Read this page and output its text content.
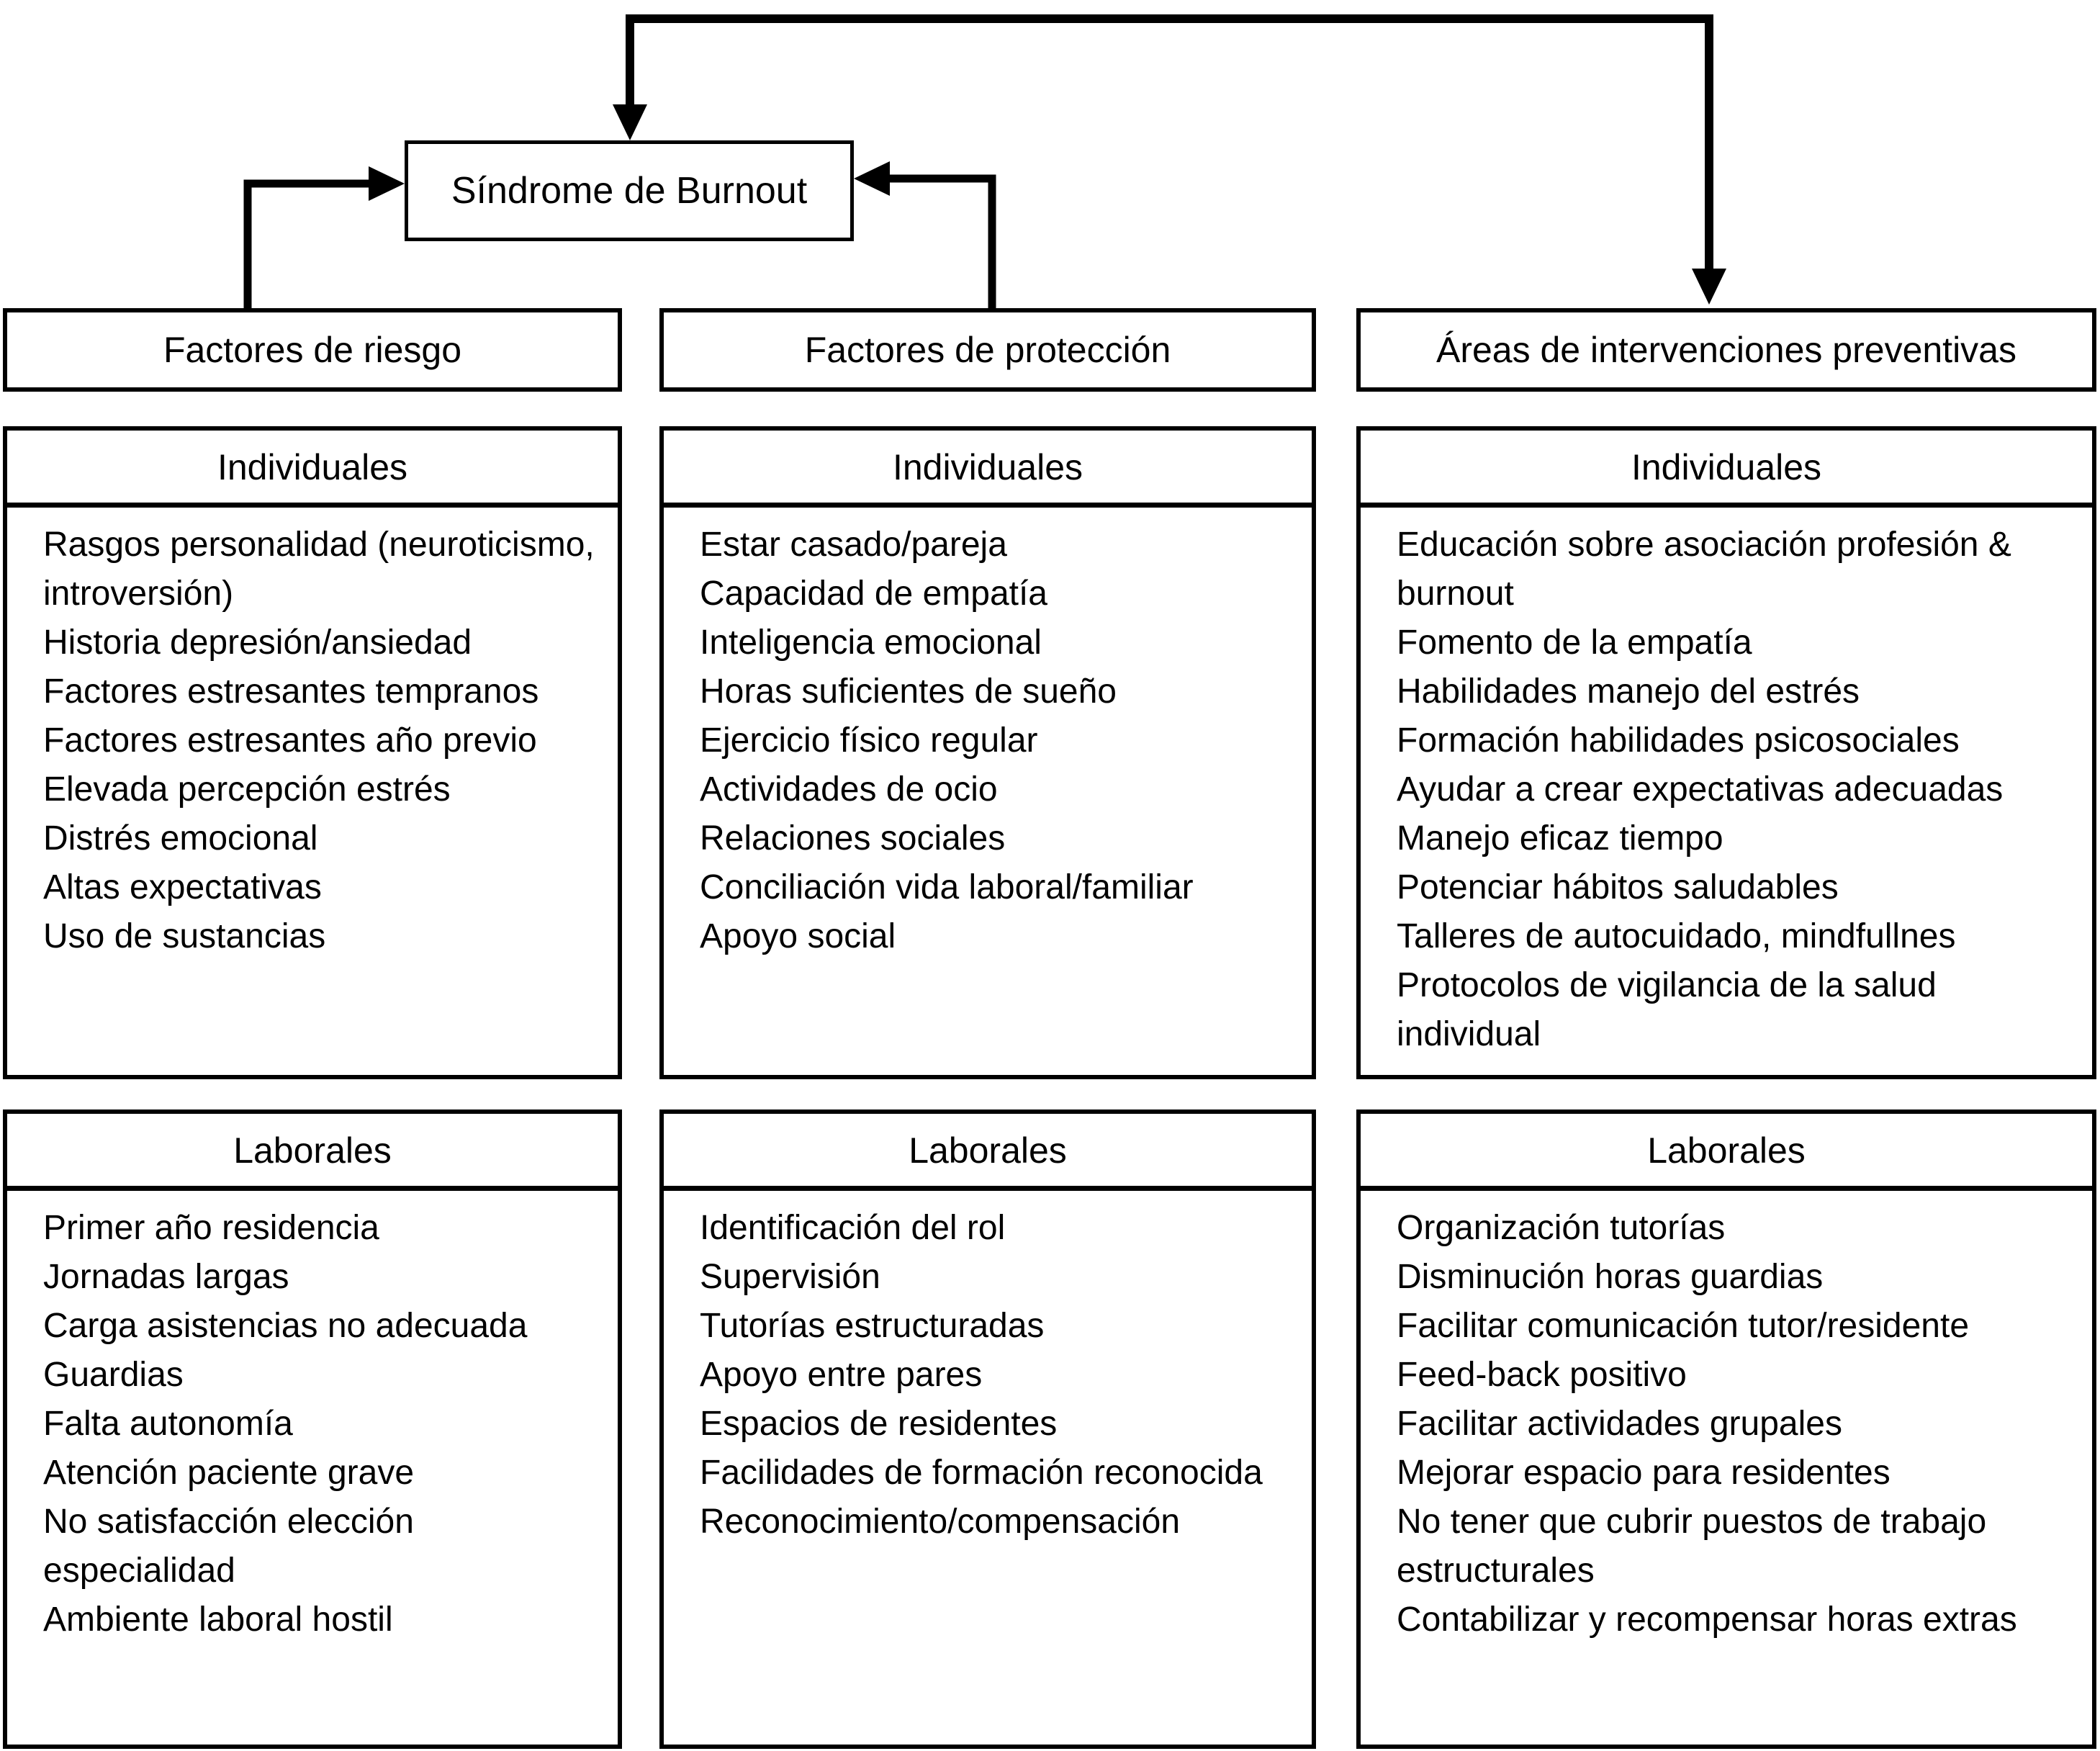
Síndrome de Burnout
Factores de riesgo	Factores de protección	Áreas de intervenciones preventivas
Individuales
Rasgos personalidad (neuroticismo, introversión)
Historia depresión/ansiedad
Factores estresantes tempranos
Factores estresantes año previo
Elevada percepción estrés
Distrés emocional
Altas expectativas
Uso de sustancias
Laborales
Primer año residencia
Jornadas largas
Carga asistencias no adecuada
Guardias
Falta autonomía
Atención paciente grave
No satisfacción elección especialidad
Ambiente laboral hostil
Individuales
Estar casado/pareja
Capacidad de empatía
Inteligencia emocional
Horas suficientes de sueño
Ejercicio físico regular
Actividades de ocio
Relaciones sociales
Conciliación vida laboral/familiar
Apoyo social
Laborales
Identificación del rol
Supervisión
Tutorías estructuradas
Apoyo entre pares
Espacios de residentes
Facilidades de formación reconocida
Reconocimiento/compensación
Individuales
Educación sobre asociación profesión & burnout
Fomento de la empatía
Habilidades manejo del estrés
Formación habilidades psicosociales
Ayudar a crear expectativas adecuadas
Manejo eficaz tiempo
Potenciar hábitos saludables
Talleres de autocuidado, mindfullnes
Protocolos de vigilancia de la salud individual
Laborales
Organización tutorías
Disminución horas guardias
Facilitar comunicación tutor/residente
Feed-back positivo
Facilitar actividades grupales
Mejorar espacio para residentes
No tener que cubrir puestos de trabajo estructurales
Contabilizar y recompensar horas extras
